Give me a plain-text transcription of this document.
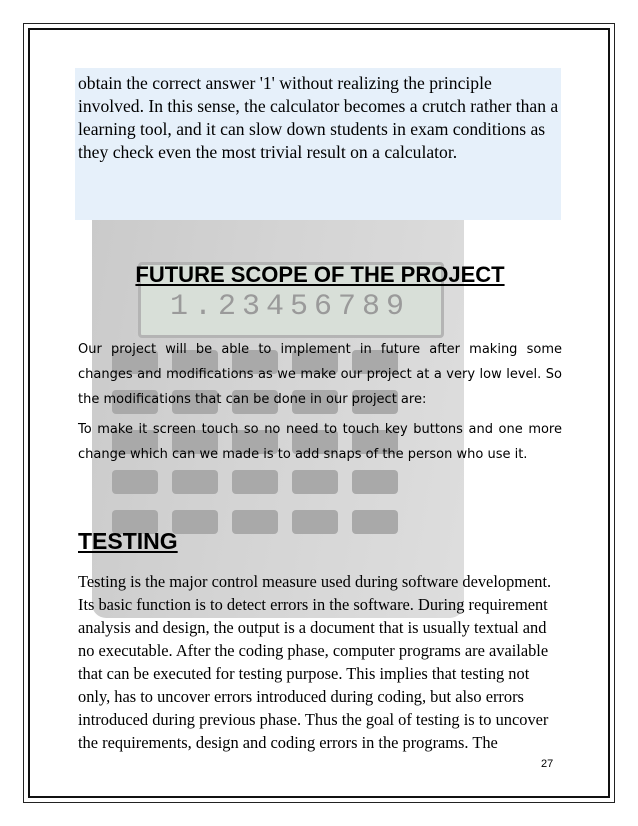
1.23456789
obtain the correct answer '1' without realizing the principle involved. In this sense, the calculator becomes a crutch rather than a learning tool, and it can slow down students in exam conditions as they check even the most trivial result on a calculator.
FUTURE SCOPE OF THE PROJECT
Our project will be able to implement in future after making some changes and modifications as we make our project at a very low level. So the modifications that can be done in our project are:
To make it screen touch so no need to touch key buttons and one more change which can we made is to add snaps of the person who use it.
TESTING
Testing is the major control measure used during software development. Its basic function is to detect errors in the software. During requirement analysis and design, the output is a document that is usually textual and no executable. After the coding phase, computer programs are available that can be executed for testing purpose. This implies that testing not only, has to uncover errors introduced during coding, but also errors introduced during previous phase. Thus the goal of testing is to uncover the requirements, design and coding errors in the programs. The
27
